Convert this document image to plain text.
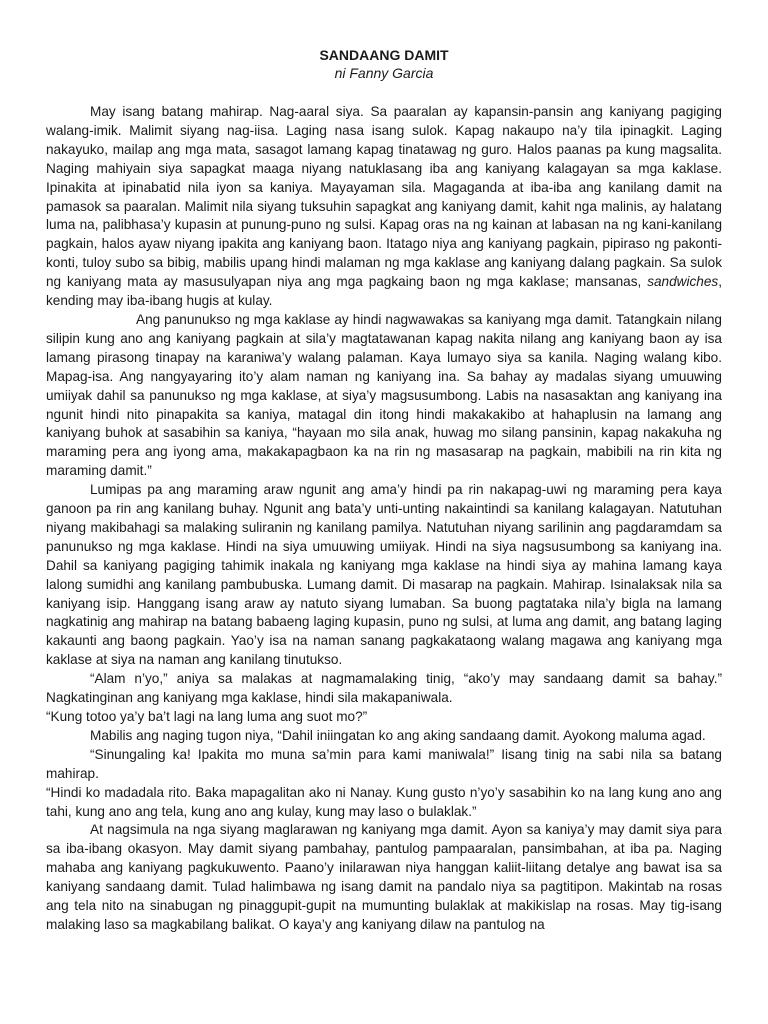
SANDAANG DAMIT

ni Fanny Garcia

May isang batang mahirap. Nag-aaral siya. Sa paaralan ay kapansin-pansin ang kaniyang pagiging walang-imik. Malimit siyang nag-iisa. Laging nasa isang sulok. Kapag nakaupo na’y tila ipinagkit. Laging nakayuko, mailap ang mga mata, sasagot lamang kapag tinatawag ng guro. Halos paanas pa kung magsalita. Naging mahiyain siya sapagkat maaga niyang natuklasang iba ang kaniyang kalagayan sa mga kaklase. Ipinakita at ipinabatid nila iyon sa kaniya. Mayayaman sila. Magaganda at iba-iba ang kanilang damit na pamasok sa paaralan. Malimit nila siyang tuksuhin sapagkat ang kaniyang damit, kahit nga malinis, ay halatang luma na, palibhasa’y kupasin at punung-puno ng sulsi. Kapag oras na ng kainan at labasan na ng kani-kanilang pagkain, halos ayaw niyang ipakita ang kaniyang baon. Itatago niya ang kaniyang pagkain, pipiraso ng pakonti-konti, tuloy subo sa bibig, mabilis upang hindi malaman ng mga kaklase ang kaniyang dalang pagkain. Sa sulok ng kaniyang mata ay masusulyapan niya ang mga pagkaing baon ng mga kaklase; mansanas, sandwiches, kending may iba-ibang hugis at kulay.

Ang panunukso ng mga kaklase ay hindi nagwawakas sa kaniyang mga damit. Tatangkain nilang silipin kung ano ang kaniyang pagkain at sila’y magtatawanan kapag nakita nilang ang kaniyang baon ay isa lamang pirasong tinapay na karaniwa’y walang palaman. Kaya lumayo siya sa kanila. Naging walang kibo. Mapag-isa. Ang nangyayaring ito’y alam naman ng kaniyang ina. Sa bahay ay madalas siyang umuuwing umiiyak dahil sa panunukso ng mga kaklase, at siya’y magsusumbong. Labis na nasasaktan ang kaniyang ina ngunit hindi nito pinapakita sa kaniya, matagal din itong hindi makakakibo at hahaplusin na lamang ang kaniyang buhok at sasabihin sa kaniya, “hayaan mo sila anak, huwag mo silang pansinin, kapag nakakuha ng maraming pera ang iyong ama, makakapagbaon ka na rin ng masasarap na pagkain, mabibili na rin kita ng maraming damit.”

Lumipas pa ang maraming araw ngunit ang ama’y hindi pa rin nakapag-uwi ng maraming pera kaya ganoon pa rin ang kanilang buhay. Ngunit ang bata’y unti-unting nakaintindi sa kanilang kalagayan. Natutuhan niyang makibahagi sa malaking suliranin ng kanilang pamilya. Natutuhan niyang sarilinin ang pagdaramdam sa panunukso ng mga kaklase. Hindi na siya umuuwing umiiyak. Hindi na siya nagsusumbong sa kaniyang ina. Dahil sa kaniyang pagiging tahimik inakala ng kaniyang mga kaklase na hindi siya ay mahina lamang kaya lalong sumidhi ang kanilang pambubuska. Lumang damit. Di masarap na pagkain. Mahirap. Isinalaksak nila sa kaniyang isip. Hanggang isang araw ay natuto siyang lumaban. Sa buong pagtataka nila’y bigla na lamang nagkatinig ang mahirap na batang babaeng laging kupasin, puno ng sulsi, at luma ang damit, ang batang laging kakaunti ang baong pagkain. Yao’y isa na naman sanang pagkakataong walang magawa ang kaniyang mga kaklase at siya na naman ang kanilang tinutukso.

“Alam n’yo,” aniya sa malakas at nagmamalaking tinig, “ako’y may sandaang damit sa bahay.” Nagkatinginan ang kaniyang mga kaklase, hindi sila makapaniwala.

“Kung totoo ya’y ba’t lagi na lang luma ang suot mo?”

Mabilis ang naging tugon niya, “Dahil iniingatan ko ang aking sandaang damit. Ayokong maluma agad.

“Sinungaling ka! Ipakita mo muna sa’min para kami maniwala!” Iisang tinig na sabi nila sa batang mahirap.

“Hindi ko madadala rito. Baka mapagalitan ako ni Nanay. Kung gusto n’yo’y sasabihin ko na lang kung ano ang tahi, kung ano ang tela, kung ano ang kulay, kung may laso o bulaklak.”

At nagsimula na nga siyang maglarawan ng kaniyang mga damit. Ayon sa kaniya’y may damit siya para sa iba-ibang okasyon. May damit siyang pambahay, pantulog pampaaralan, pansimbahan, at iba pa. Naging mahaba ang kaniyang pagkukuwento. Paano’y inilarawan niya hanggan kaliit-liitang detalye ang bawat isa sa kaniyang sandaang damit. Tulad halimbawa ng isang damit na pandalo niya sa pagtitipon. Makintab na rosas ang tela nito na sinabugan ng pinaggupit-gupit na mumunting bulaklak at makikislap na rosas. May tig-isang malaking laso sa magkabilang balikat. O kaya’y ang kaniyang dilaw na pantulog na
